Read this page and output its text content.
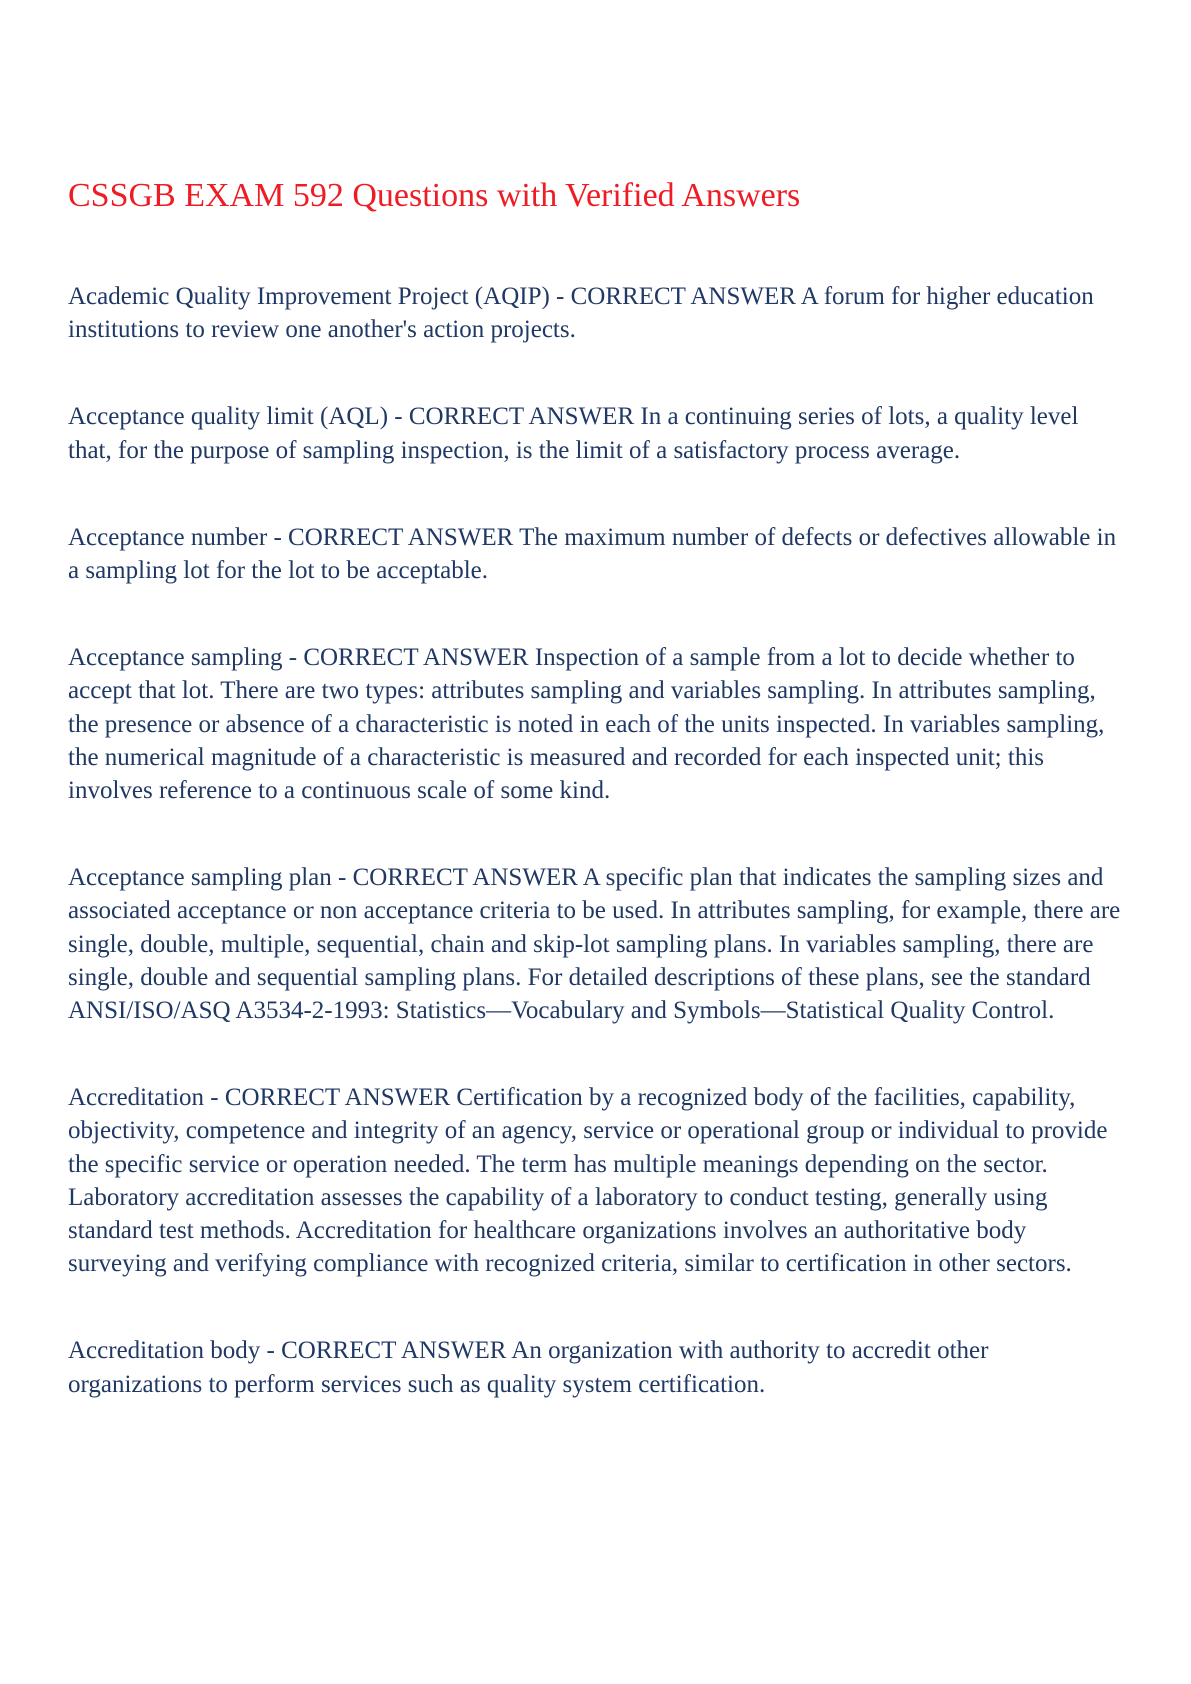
CSSGB EXAM 592 Questions with Verified Answers

Academic Quality Improvement Project (AQIP) - CORRECT ANSWER A forum for higher education institutions to review one another's action projects.

Acceptance quality limit (AQL) - CORRECT ANSWER In a continuing series of lots, a quality level that, for the purpose of sampling inspection, is the limit of a satisfactory process average.

Acceptance number - CORRECT ANSWER The maximum number of defects or defectives allowable in a sampling lot for the lot to be acceptable.

Acceptance sampling - CORRECT ANSWER Inspection of a sample from a lot to decide whether to accept that lot. There are two types: attributes sampling and variables sampling. In attributes sampling, the presence or absence of a characteristic is noted in each of the units inspected. In variables sampling, the numerical magnitude of a characteristic is measured and recorded for each inspected unit; this involves reference to a continuous scale of some kind.

Acceptance sampling plan - CORRECT ANSWER A specific plan that indicates the sampling sizes and associated acceptance or non acceptance criteria to be used. In attributes sampling, for example, there are single, double, multiple, sequential, chain and skip-lot sampling plans. In variables sampling, there are single, double and sequential sampling plans. For detailed descriptions of these plans, see the standard ANSI/ISO/ASQ A3534-2-1993: Statistics—Vocabulary and Symbols—Statistical Quality Control.

Accreditation - CORRECT ANSWER Certification by a recognized body of the facilities, capability, objectivity, competence and integrity of an agency, service or operational group or individual to provide the specific service or operation needed. The term has multiple meanings depending on the sector. Laboratory accreditation assesses the capability of a laboratory to conduct testing, generally using standard test methods. Accreditation for healthcare organizations involves an authoritative body surveying and verifying compliance with recognized criteria, similar to certification in other sectors.

Accreditation body - CORRECT ANSWER An organization with authority to accredit other organizations to perform services such as quality system certification.
